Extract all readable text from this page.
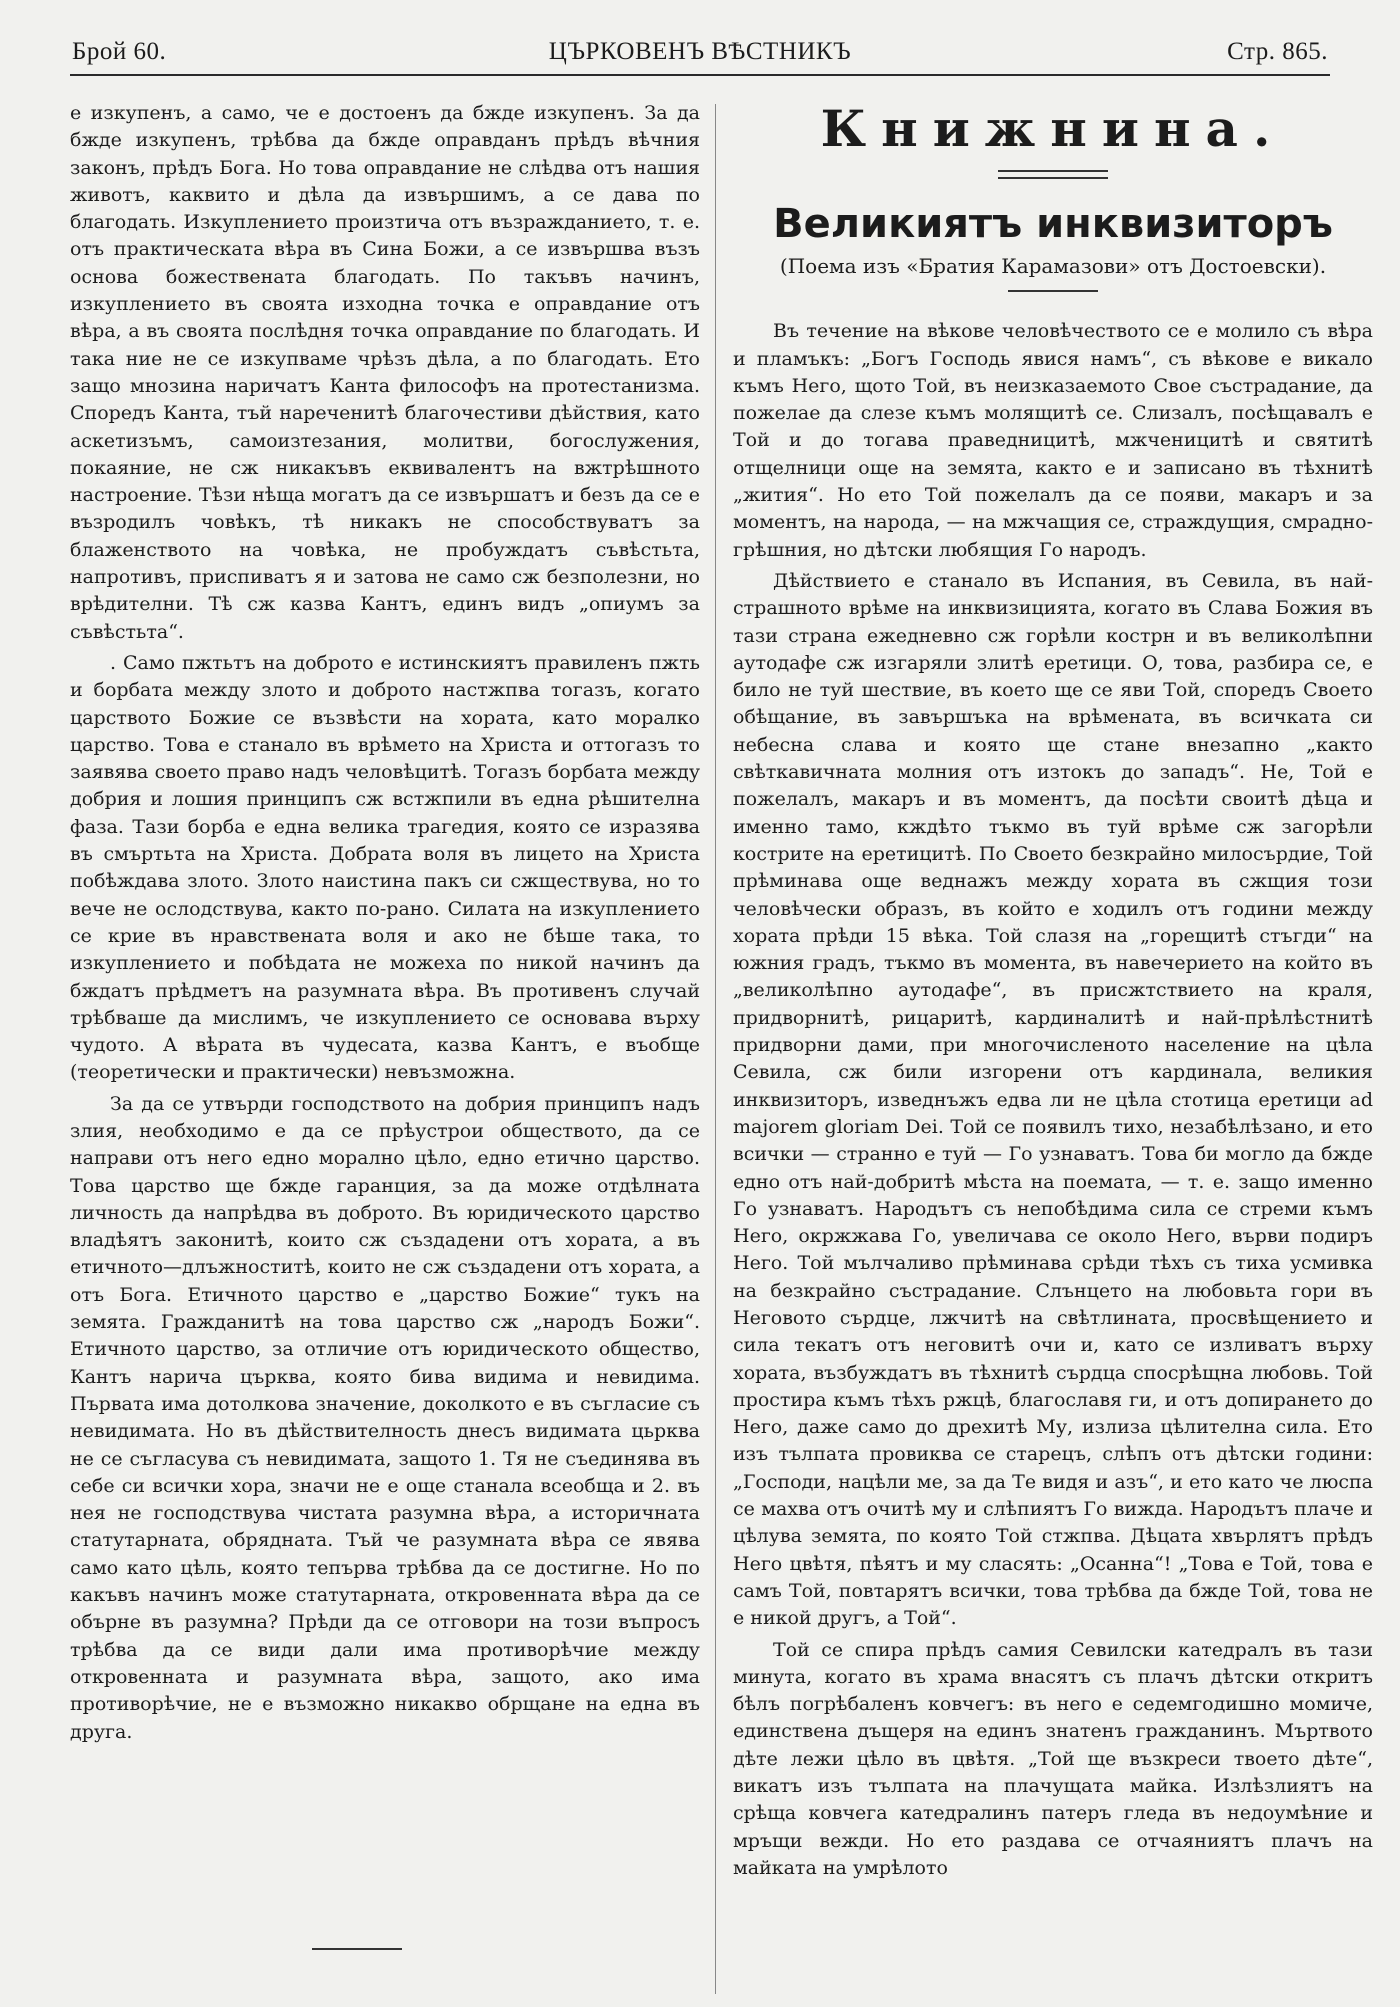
Брой 60.	ЦЪРКОВЕНЪ ВѢСТНИКЪ	Стр. 865.

е изкупенъ, а само, че е достоенъ да бжде изкупенъ. За да бжде изкупенъ, трѣбва да бжде оправданъ прѣдъ вѣчния законъ, прѣдъ Бога. Но това оправдание не слѣдва отъ нашия животъ, каквито и дѣла да извършимъ, а се дава по благодать. Изкуплението произтича отъ възражданието, т. е. отъ практическата вѣра въ Сина Божи, а се извършва възъ основа божествената благодать. По такъвъ начинъ, изкуплението въ своята изходна точка е оправдание отъ вѣра, а въ своята послѣдня точка оправдание по благодать. И така ние не се изкупваме чрѣзъ дѣла, а по благодать. Ето защо мнозина наричатъ Канта философъ на протестанизма. Споредъ Канта, тъй нареченитѣ благочестиви дѣйствия, като аскетизъмъ, самоизтезания, молитви, богослужения, покаяние, не сж никакъвъ еквивалентъ на вжтрѣшното настроение. Тѣзи нѣща могатъ да се извършатъ и безъ да се е възродилъ човѣкъ, тѣ никакъ не способствуватъ за блаженството на човѣка, не пробуждатъ съвѣстьта, напротивъ, приспиватъ я и затова не само сж безполезни, но врѣдителни. Тѣ сж казва Кантъ, единъ видъ „опиумъ за съвѣстьта“.

. Само пжтьтъ на доброто е истинскиятъ правиленъ пжть и борбата между злото и доброто настжпва тогазъ, когато царството Божие се възвѣсти на хората, като моралко царство. Това е станало въ врѣмето на Христа и оттогазъ то заявява своето право надъ человѣцитѣ. Тогазъ борбата между добрия и лошия принципъ сж встжпили въ една рѣшителна фаза. Тази борба е една велика трагедия, която се изразява въ смъртьта на Христа. Добрата воля въ лицето на Христа побѣждава злото. Злото наистина пакъ си сжществува, но то вече не ослодствува, както по-рано. Силата на изкуплението се крие въ нравствената воля и ако не бѣше така, то изкуплението и побѣдата не можеха по никой начинъ да бждатъ прѣдметъ на разумната вѣра. Въ противенъ случай трѣбваше да мислимъ, че изкуплението се основава върху чудото. А вѣрата въ чудесата, казва Кантъ, е въобще (теоретически и практически) невъзможна.

За да се утвърди господството на добрия принципъ надъ злия, необходимо е да се прѣустрои обществото, да се направи отъ него едно морално цѣло, едно етично царство. Това царство ще бжде гаранция, за да може отдѣлната личность да напрѣдва въ доброто. Въ юридическото царство владѣятъ законитѣ, които сж създадени отъ хората, а въ етичното—длъжноститѣ, които не сж създадени отъ хората, а отъ Бога. Етичното царство е „царство Божие“ тукъ на земята. Гражданитѣ на това царство сж „народъ Божи“. Етичното царство, за отличие отъ юридическото общество, Кантъ нарича църква, която бива видима и невидима. Първата има дотолкова значение, доколкото е въ съгласие съ невидимата. Но въ дѣйствителность днесъ видимата цьрква не се съгласува съ невидимата, защото 1. Тя не съединява въ себе си всички хора, значи не е още станала всеобща и 2. въ нея не господствува чистата разумна вѣра, а историчната статутарната, обрядната. Тъй че разумната вѣра се явява само като цѣль, която тепърва трѣбва да се достигне. Но по какъвъ начинъ може статутарната, откровенната вѣра да се обърне въ разумна? Прѣди да се отговори на този въпросъ трѣбва да се види дали има противорѣчие между откровенната и разумната вѣра, защото, ако има противорѣчие, не е възможно никакво обрщане на една въ друга.

Книжнина.
Великиятъ инквизиторъ
(Поема изъ «Братия Карамазови» отъ Достоевски).

Въ течение на вѣкове человѣчеството се е молило съ вѣра и пламъкъ: „Богъ Господь явися намъ“, съ вѣкове е викало къмъ Него, щото Той, въ неизказаемото Свое състрадание, да пожелае да слезе къмъ молящитѣ се. Слизалъ, посѣщавалъ е Той и до тогава праведницитѣ, мжченицитѣ и святитѣ отщелници още на земята, както е и записано въ тѣхнитѣ „жития“. Но ето Той пожелалъ да се появи, макаръ и за моментъ, на народа, — на мжчащия се, страждущия, смрадно-грѣшния, но дѣтски любящия Го народъ.

Дѣйствието е станало въ Испания, въ Севила, въ най-страшното врѣме на инквизицията, когато въ Слава Божия въ тази страна ежедневно сж горѣли кострн и въ великолѣпни аутодафе сж изгаряли злитѣ еретици. О, това, разбира се, е било не туй шествие, въ което ще се яви Той, споредъ Своето обѣщание, въ завършъка на врѣмената, въ всичката си небесна слава и която ще стане внезапно „както свѣткавичната молния отъ изтокъ до западъ“. Не, Той е пожелалъ, макаръ и въ моментъ, да посѣти своитѣ дѣца и именно тамо, кждѣто тъкмо въ туй врѣме сж загорѣли кострите на еретицитѣ. По Своето безкрайно милосърдие, Той прѣминава още веднажъ между хората въ сжщия този человѣчески образъ, въ който е ходилъ отъ години между хората прѣди 15 вѣка. Той слазя на „горещитѣ стъгди“ на южния градъ, тъкмо въ момента, въ навечерието на който въ „великолѣпно аутодафе“, въ присжтствието на краля, придворнитѣ, рицаритѣ, кардиналитѣ и най-прѣлѣстнитѣ придворни дами, при многочисленото население на цѣла Севила, сж били изгорени отъ кардинала, великия инквизиторъ, изведнъжъ едва ли не цѣла стотица еретици ad majorem gloriam Dei. Той се появилъ тихо, незабѣлѣзано, и ето всички — странно е туй — Го узнаватъ. Това би могло да бжде едно отъ най-добритѣ мѣста на поемата, — т. е. защо именно Го узнаватъ. Народътъ съ непобѣдима сила се стреми къмъ Него, окржжава Го, увеличава се около Него, върви подиръ Него. Той мълчаливо прѣминава срѣди тѣхъ съ тиха усмивка на безкрайно състрадание. Слънцето на любовьта гори въ Неговото сърдце, лжчитѣ на свѣтлината, просвѣщението и сила текатъ отъ неговитѣ очи и, като се изливатъ върху хората, възбуждатъ въ тѣхнитѣ сърдца спосрѣщна любовь. Той простира къмъ тѣхъ ржцѣ, благославя ги, и отъ допирането до Него, даже само до дрехитѣ Му, излиза цѣлителна сила. Ето изъ тълпата провиква се старецъ, слѣпъ отъ дѣтски години: „Господи, нацѣли ме, за да Те видя и азъ“, и ето като че люспа се махва отъ очитѣ му и слѣпиятъ Го вижда. Народътъ плаче и цѣлува земята, по която Той стжпва. Дѣцата хвърлятъ прѣдъ Него цвѣтя, пѣятъ и му сласять: „Осанна“! „Това е Той, това е самъ Той, повтарятъ всички, това трѣбва да бжде Той, това не е никой другъ, а Той“.

Той се спира прѣдъ самия Севилски катедралъ въ тази минута, когато въ храма внасятъ съ плачъ дѣтски откритъ бѣлъ погрѣбаленъ ковчегъ: въ него е седемгодишно момиче, единствена дъщеря на единъ знатенъ гражданинъ. Мъртвото дѣте лежи цѣло въ цвѣтя. „Той ще възкреси твоето дѣте“, викатъ изъ тълпата на плачущата майка. Излѣзлиятъ на срѣща ковчега катедралинъ патеръ глeда въ недоумѣние и мръщи вежди. Но ето раздава се отчаяниятъ плачъ на майката на умрѣлото
